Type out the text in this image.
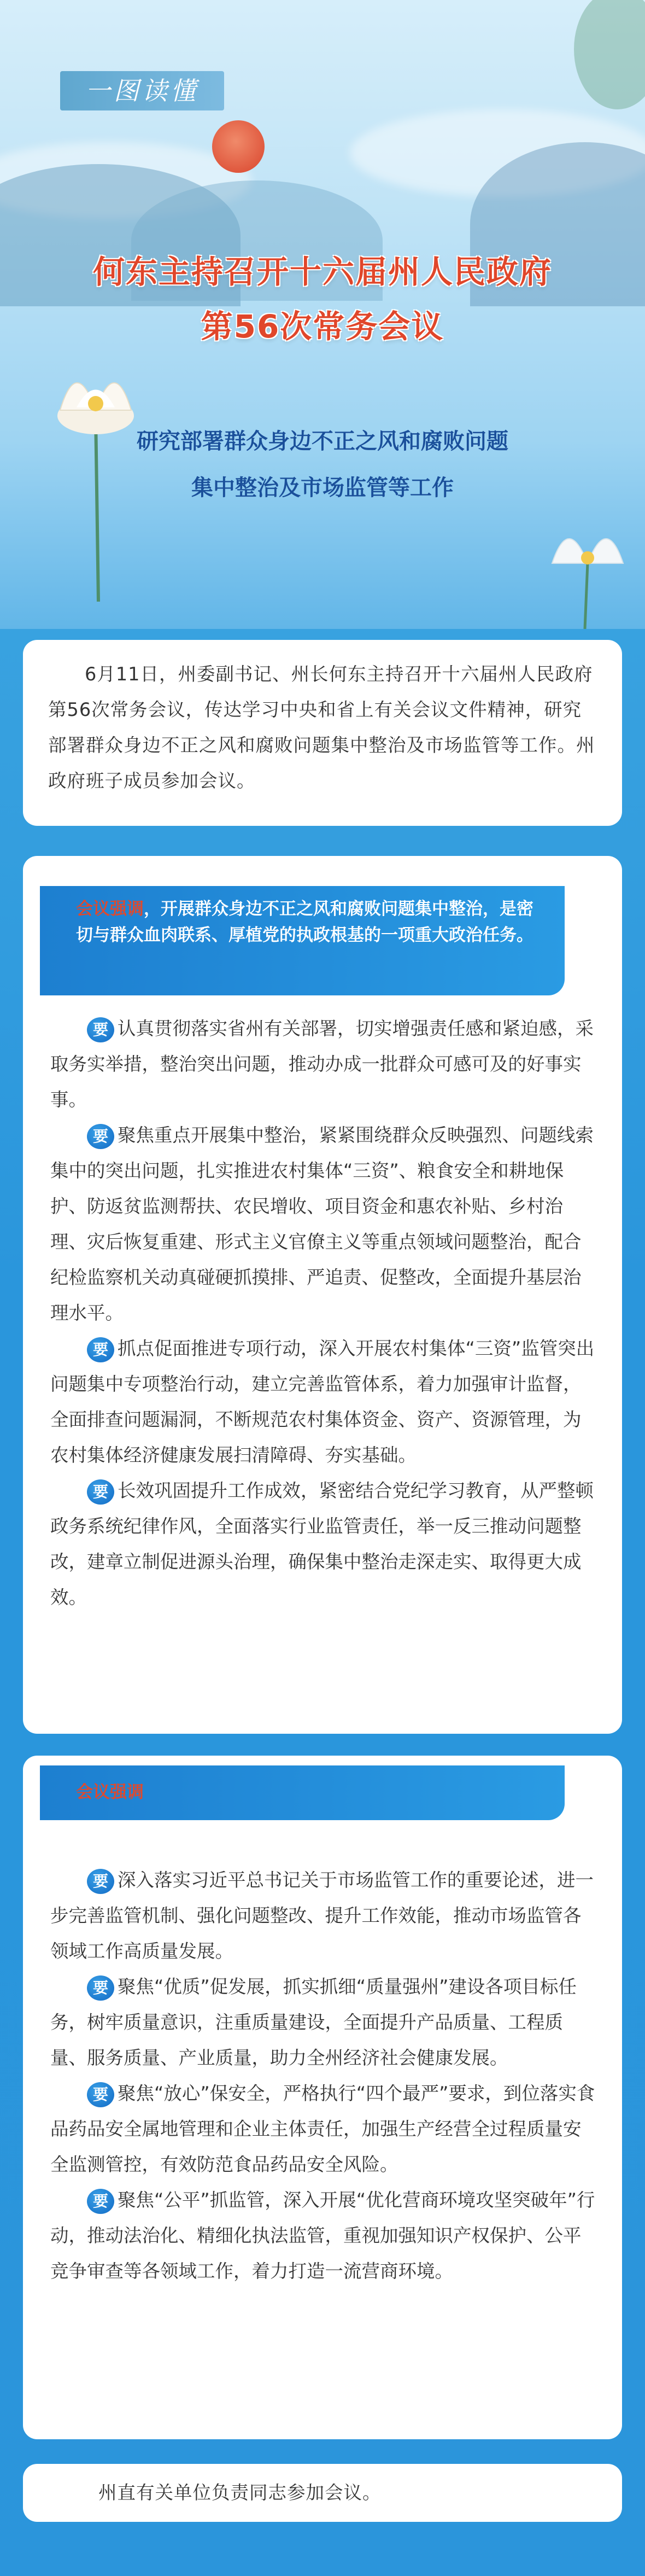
一图读懂
何东主持召开十六届州人民政府
第56次常务会议
研究部署群众身边不正之风和腐败问题
集中整治及市场监管等工作

6月11日，州委副书记、州长何东主持召开十六届州人民政府第56次常务会议，传达学习中央和省上有关会议文件精神，研究部署群众身边不正之风和腐败问题集中整治及市场监管等工作。州政府班子成员参加会议。

会议强调，开展群众身边不正之风和腐败问题集中整治，是密切与群众血肉联系、厚植党的执政根基的一项重大政治任务。

要 认真贯彻落实省州有关部署，切实增强责任感和紧迫感，采取务实举措，整治突出问题，推动办成一批群众可感可及的好事实事。

要 聚焦重点开展集中整治，紧紧围绕群众反映强烈、问题线索集中的突出问题，扎实推进农村集体“三资”、粮食安全和耕地保护、防返贫监测帮扶、农民增收、项目资金和惠农补贴、乡村治理、灾后恢复重建、形式主义官僚主义等重点领域问题整治，配合纪检监察机关动真碰硬抓摸排、严追责、促整改，全面提升基层治理水平。

要 抓点促面推进专项行动，深入开展农村集体“三资”监管突出问题集中专项整治行动，建立完善监管体系，着力加强审计监督，全面排查问题漏洞，不断规范农村集体资金、资产、资源管理，为农村集体经济健康发展扫清障碍、夯实基础。

要 长效巩固提升工作成效，紧密结合党纪学习教育，从严整顿政务系统纪律作风，全面落实行业监管责任，举一反三推动问题整改，建章立制促进源头治理，确保集中整治走深走实、取得更大成效。

会议强调

要 深入落实习近平总书记关于市场监管工作的重要论述，进一步完善监管机制、强化问题整改、提升工作效能，推动市场监管各领域工作高质量发展。

要 聚焦“优质”促发展，抓实抓细“质量强州”建设各项目标任务，树牢质量意识，注重质量建设，全面提升产品质量、工程质量、服务质量、产业质量，助力全州经济社会健康发展。

要 聚焦“放心”保安全，严格执行“四个最严”要求，到位落实食品药品安全属地管理和企业主体责任，加强生产经营全过程质量安全监测管控，有效防范食品药品安全风险。

要 聚焦“公平”抓监管，深入开展“优化营商环境攻坚突破年”行动，推动法治化、精细化执法监管，重视加强知识产权保护、公平竞争审查等各领域工作，着力打造一流营商环境。

州直有关单位负责同志参加会议。
